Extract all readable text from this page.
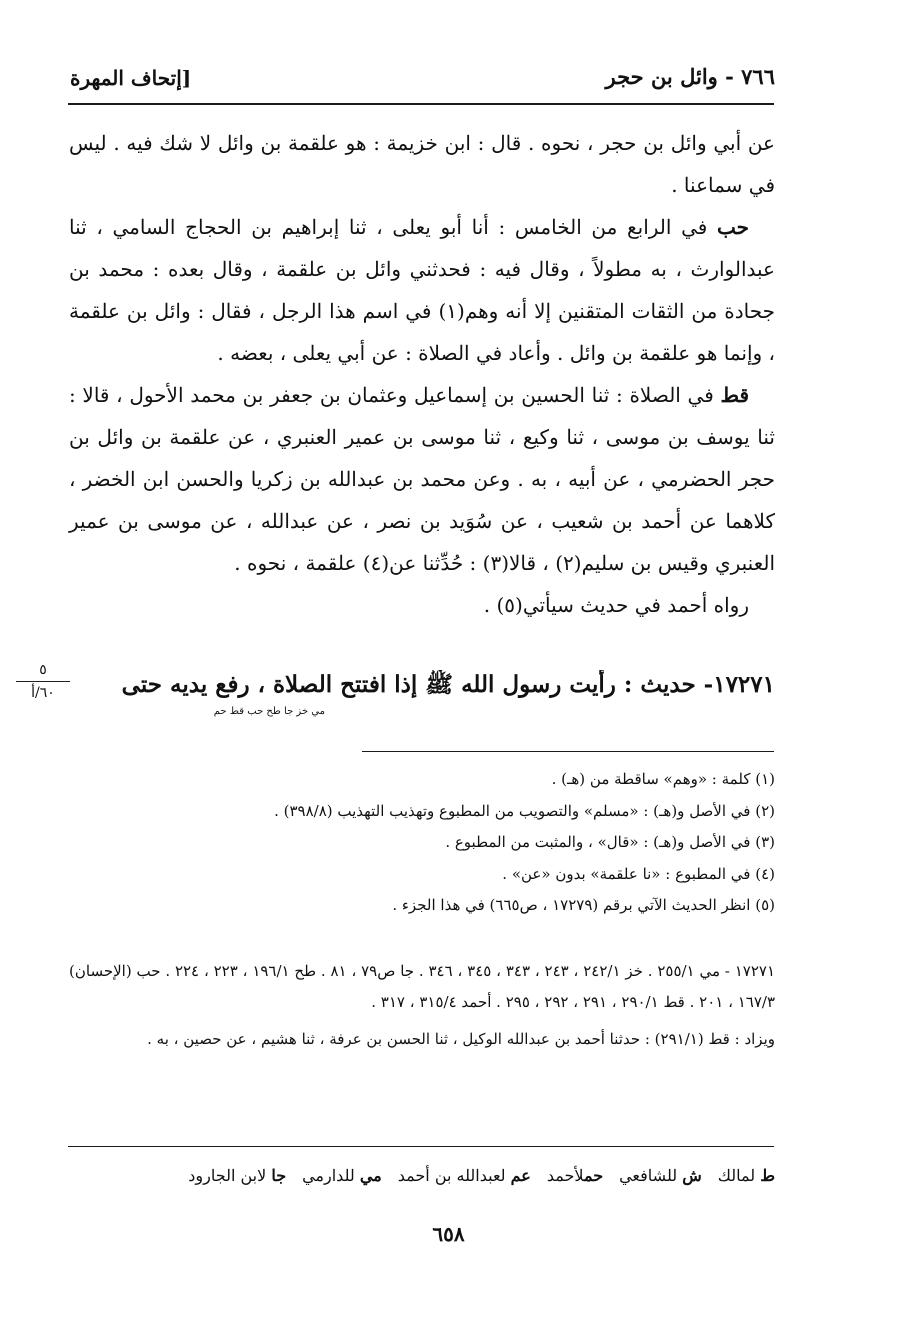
٧٦٦ - وائل بن حجر
[إتحاف المهرة

عن أبي وائل بن حجر ، نحوه . قال : ابن خزيمة : هو علقمة بن وائل لا شك فيه . ليس في سماعنا .

حب في الرابع من الخامس : أنا أبو يعلى ، ثنا إبراهيم بن الحجاج السامي ، ثنا عبدالوارث ، به مطولاً ، وقال فيه : فحدثني وائل بن علقمة ، وقال بعده : محمد بن جحادة من الثقات المتقنين إلا أنه وهم(١) في اسم هذا الرجل ، فقال : وائل بن علقمة ، وإنما هو علقمة بن وائل . وأعاد في الصلاة : عن أبي يعلى ، بعضه .

قط في الصلاة : ثنا الحسين بن إسماعيل وعثمان بن جعفر بن محمد الأحول ، قالا : ثنا يوسف بن موسى ، ثنا وكيع ، ثنا موسى بن عمير العنبري ، عن علقمة بن وائل بن حجر الحضرمي ، عن أبيه ، به . وعن محمد بن عبدالله بن زكريا والحسن ابن الخضر ، كلاهما عن أحمد بن شعيب ، عن سُوَيد بن نصر ، عن عبدالله ، عن موسى بن عمير العنبري وقيس بن سليم(٢) ، قالا(٣) : حُدِّثنا عن(٤) علقمة ، نحوه .

رواه أحمد في حديث سيأتي(٥) .

١٧٢٧١- حديث : رأيت رسول الله ﷺ إذا افتتح الصلاة ، رفع يديه حتى
مي خز جا طح حب قط حم
٥
٦٠/أ

(١) كلمة : «وهم» ساقطة من (هـ) .

(٢) في الأصل و(هـ) : «مسلم» والتصويب من المطبوع وتهذيب التهذيب (٣٩٨/٨) .

(٣) في الأصل و(هـ) : «قال» ، والمثبت من المطبوع .

(٤) في المطبوع : «نا علقمة» بدون «عن» .

(٥) انظر الحديث الآتي برقم (١٧٢٧٩ ، ص٦٦٥) في هذا الجزء .

١٧٢٧١ - مي ٢٥٥/١ . خز ٢٤٢/١ ، ٢٤٣ ، ٣٤٣ ، ٣٤٥ ، ٣٤٦ . جا ص٧٩ ، ٨١ . طح ١٩٦/١ ، ٢٢٣ ، ٢٢٤ . حب (الإحسان) ١٦٧/٣ ، ٢٠١ . قط ٢٩٠/١ ، ٢٩١ ، ٢٩٢ ، ٢٩٥ . أحمد ٣١٥/٤ ، ٣١٧ .

ويزاد : قط (٢٩١/١) : حدثنا أحمد بن عبدالله الوكيل ، ثنا الحسن بن عرفة ، ثنا هشيم ، عن حصين ، به .

ط لمالك
ش للشافعي
حملأحمد
عم لعبدالله بن أحمد
مي للدارمي
جا لابن الجارود
٦٥٨
